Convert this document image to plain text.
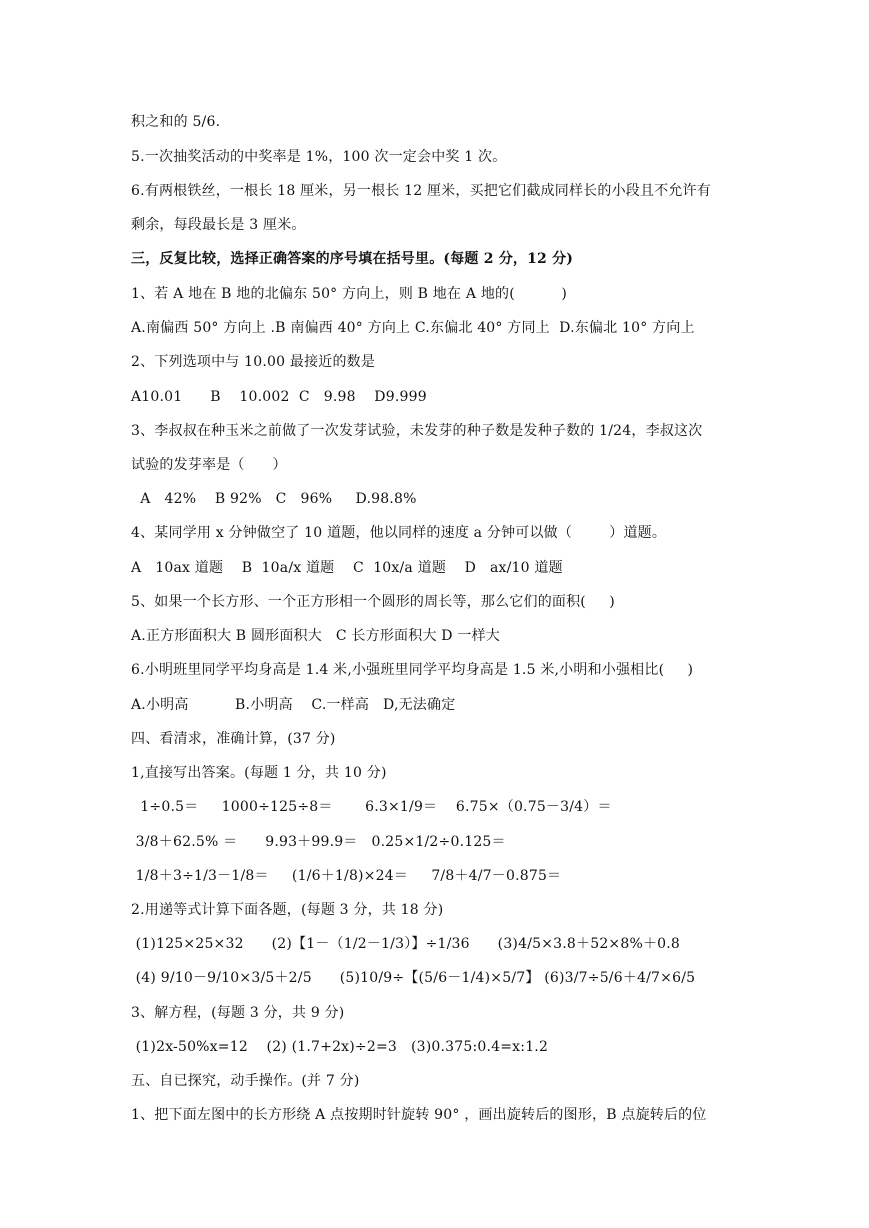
积之和的 5/6.
5.一次抽奖活动的中奖率是 1%，100 次一定会中奖 1 次。
6.有两根铁丝，一根长 18 厘米，另一根长 12 厘米，买把它们截成同样长的小段且不允许有
剩余，每段最长是 3 厘米。
三，反复比较，选择正确答案的序号填在括号里。(每题 2 分，12 分)
1、若 A 地在 B 地的北偏东 50° 方向上，则 B 地在 A 地的(          )
A.南偏西 50° 方向上 .B 南偏西 40° 方向上 C.东偏北 40° 方同上  D.东偏北 10° 方向上
2、下列选项中与 10.00 最接近的数是
A10.01      B    10.002  C   9.98    D9.999
3、李叔叔在种玉米之前做了一次发芽试验，未发芽的种子数是发种子数的 1/24，李叔这次
试验的发芽率是（      ）
A   42%    B 92%   C   96%     D.98.8%
4、某同学用 x 分钟做空了 10 道题，他以同样的速度 a 分钟可以做（        ）道题。
A   10ax 道题    B  10a/x 道题    C  10x/a 道题    D   ax/10 道题
5、如果一个长方形、一个正方形相一个圆形的周长等，那么它们的面积(     )
A.正方形面积大 B 圆形面积大   C 长方形面积大 D 一样大
6.小明班里同学平均身高是 1.4 米,小强班里同学平均身高是 1.5 米,小明和小强相比(     )
A.小明高          B.小明高    C.一样高   D,无法确定
四、看清求，准确计算，(37 分)
1,直接写出答案。(每题 1 分，共 10 分)
1÷0.5＝     1000÷125÷8＝       6.3×1/9＝    6.75×（0.75－3/4）＝
3/8＋62.5% ＝      9.93＋99.9＝   0.25×1/2÷0.125＝
1/8＋3÷1/3－1/8＝     (1/6＋1/8)×24＝     7/8＋4/7－0.875＝
2.用递等式计算下面各题，(每题 3 分，共 18 分)
(1)125×25×32      (2)【1－（1/2－1/3）】÷1/36      (3)4/5×3.8＋52×8%＋0.8
(4) 9/10－9/10×3/5＋2/5      (5)10/9÷【(5/6－1/4)×5/7】 (6)3/7÷5/6＋4/7×6/5
3、解方程，(每题 3 分，共 9 分)
(1)2x-50%x=12    (2) (1.7+2x)÷2=3   (3)0.375:0.4=x:1.2
五、自已探究，动手操作。(并 7 分)
1、把下面左图中的长方形绕 A 点按期时针旋转 90° ，画出旋转后的图形，B 点旋转后的位
